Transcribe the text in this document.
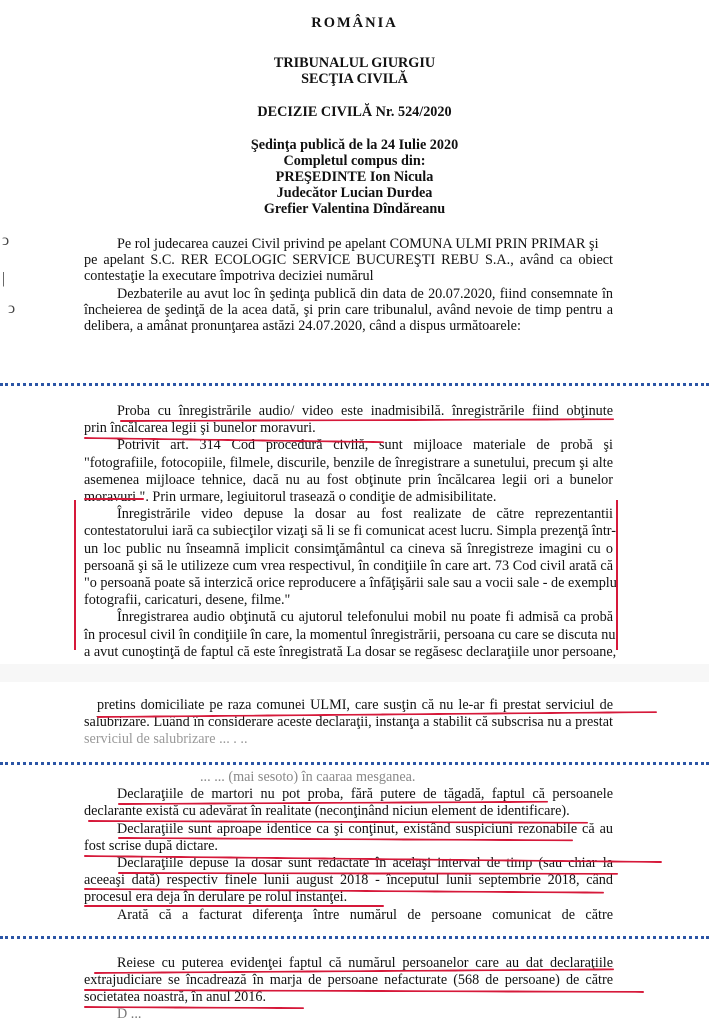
ↄ
|
ↄ
ROMÂNIA
TRIBUNALUL GIURGIU
SECŢIA CIVILĂ
DECIZIE CIVILĂ Nr. 524/2020
Şedinţa publică de la 24 Iulie 2020
Completul compus din:
PREŞEDINTE Ion Nicula
Judecător Lucian Durdea
Grefier Valentina Dîndăreanu
Pe rol judecarea cauzei Civil privind pe apelant COMUNA ULMI PRIN PRIMAR şi
pe apelant S.C. RER ECOLOGIC SERVICE BUCUREŞTI REBU S.A., având ca obiect
contestaţie la executare împotriva deciziei numărul
Dezbaterile au avut loc în şedinţa publică din data de 20.07.2020, fiind consemnate în
încheierea de şedinţă de la acea dată, şi prin care tribunalul, având nevoie de timp pentru a
delibera, a amânat pronunţarea astăzi 24.07.2020, când a dispus următoarele:
Proba cu înregistrările audio/ video este inadmisibilă. înregistrările fiind obţinute
prin încălcarea legii şi bunelor moravuri.
Potrivit art. 314 Cod procedură civilă, sunt mijloace materiale de probă şi
"fotografiile, fotocopiile, filmele, discurile, benzile de înregistrare a sunetului, precum şi alte
asemenea mijloace tehnice, dacă nu au fost obţinute prin încălcarea legii ori a bunelor
moravuri ". Prin urmare, legiuitorul trasează o condiţie de admisibilitate.
Înregistrările video depuse la dosar au fost realizate de către reprezentantii
contestatorului iară ca subiecţilor vizaţi să li se fi comunicat acest lucru. Simpla prezenţă într-
un loc public nu înseamnă implicit consimţământul ca cineva să înregistreze imagini cu o
persoană şi să le utilizeze cum vrea respectivul, în condiţiile în care art. 73 Cod civil arată că
"o persoană poate să interzică orice reproducere a înfăţişării sale sau a vocii sale - de exemplu
fotografii, caricaturi, desene, filme."
Înregistrarea audio obţinută cu ajutorul telefonului mobil nu poate fi admisă ca probă
în procesul civil în condiţiile în care, la momentul înregistrării, persoana cu care se discuta nu
a avut cunoştinţă de faptul că este înregistrată La dosar se regăsesc declaraţiile unor persoane,
pretins domiciliate pe raza comunei ULMI, care susţin că nu le-ar fi prestat serviciul de
salubrizare. Luând în considerare aceste declaraţii, instanţa a stabilit că subscrisa nu a prestat
serviciul de salubrizare ... . ..
... ... (mai sesoto) în caaraa mesganea.
Declaraţiile de martori nu pot proba, fără putere de tăgadă, faptul că persoanele
declarante există cu adevărat în realitate (neconţinând niciun element de identificare).
Declaraţiile sunt aproape identice ca şi conţinut, existând suspiciuni rezonabile că au
fost scrise după dictare.
Declaraţiile depuse la dosar sunt redactate în acelaşi interval de timp (sau chiar la
aceeaşi dată) respectiv finele lunii august 2018 - începutul lunii septembrie 2018, când
procesul era deja în derulare pe rolul instanţei.
Arată că a facturat diferenţa între numărul de persoane comunicat de către
Reiese cu puterea evidenţei faptul că numărul persoanelor care au dat declaraţiile
extrajudiciare se încadrează în marja de persoane nefacturate (568 de persoane) de către
societatea noastră, în anul 2016.
D ...
